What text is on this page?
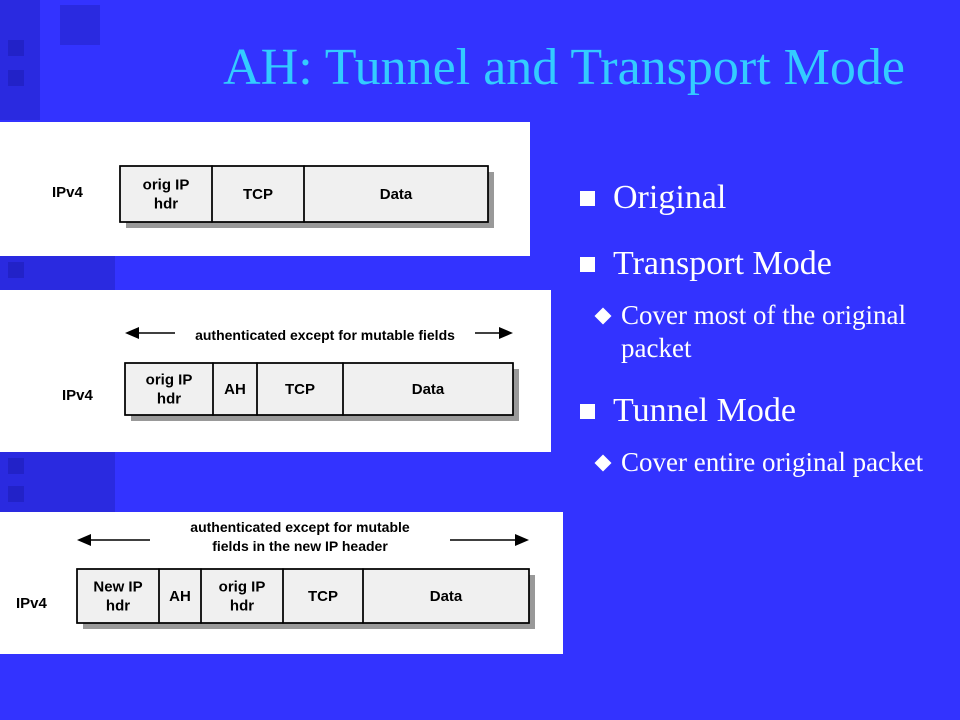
AH: Tunnel and Transport Mode
IPv4	orig IP
hdr
TCP	Data
IPv4
orig IP
hdr
AH	TCP	Data
authenticated except for mutable fields
IPv4
New IP
hdr
AH
orig IP
hdr
TCP	Data
authenticated except for mutable
fields in the new IP header
Original
Transport Mode
Cover most of the original packet
Tunnel Mode
Cover entire original packet
